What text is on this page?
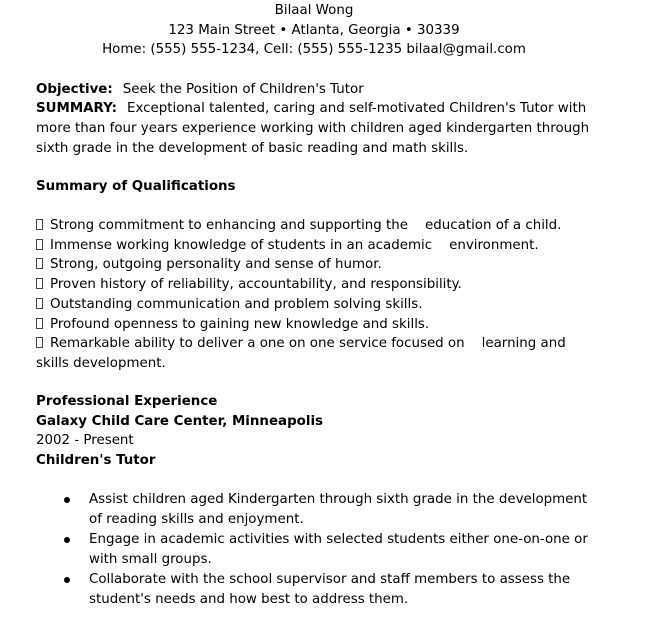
Bilaal Wong
123 Main Street • Atlanta, Georgia • 30339
Home: (555) 555-1234, Cell: (555) 555-1235 bilaal@gmail.com
Objective: Seek the Position of Children's Tutor
SUMMARY: Exceptional talented, caring and self-motivated Children's Tutor with more than four years experience working with children aged kindergarten through sixth grade in the development of basic reading and math skills.
Summary of Qualifications
Strong commitment to enhancing and supporting the    education of a child.
Immense working knowledge of students in an academic    environment.
Strong, outgoing personality and sense of humor.
Proven history of reliability, accountability, and responsibility.
Outstanding communication and problem solving skills.
Profound openness to gaining new knowledge and skills.
Remarkable ability to deliver a one on one service focused on    learning and skills development.
Professional Experience
Galaxy Child Care Center, Minneapolis
2002 - Present
Children's Tutor
Assist children aged Kindergarten through sixth grade in the development of reading skills and enjoyment.
Engage in academic activities with selected students either one-on-one or with small groups.
Collaborate with the school supervisor and staff members to assess the student's needs and how best to address them.
